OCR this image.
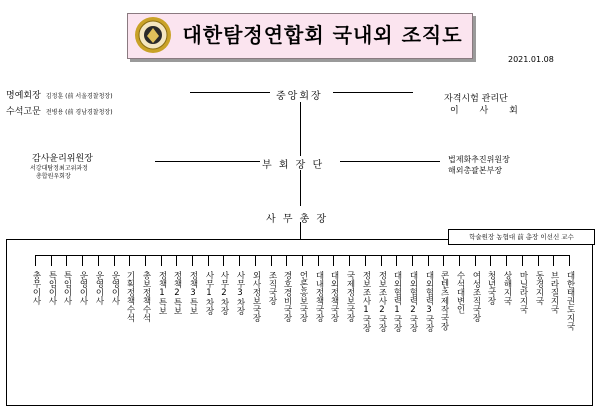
대한탐정연합회 국내외 조직도
2021.01.08
명예회장 김정훈 (前 서울경찰청장)
수석고문 전병용 (前 경남경찰청장)
중앙회장
부 회 장 단
사 무 총 장
자격시험 관리단
이 사 회
감사윤리위원장
서강대탐정최고위과정
총합원우회장
법제화추진위원장
해외총괄본부장
학술원장 농협대 前 총장 이선신 교수
총무이사 특임이사 특임이사 운영이사 운영이사 운영이사 기획정책수석 총보정책수석 정책1특보 정책2특보 정책3특보 사무1차장 사무2차장 사무3차장 외사정보국장 조직국장 경호경비국장 언론홍보국장 대내정책국장 대외정책국장 국제정보국장 정보조사1국장 정보조사2국장 대외협력1국장 대외협력2국장 대외협력3국장 콘텐츠제작국장 수석대변인 여성조직국장 청년국장 상해지국 마닐라지국 동경지국 브라질지국 대한태권도지국
